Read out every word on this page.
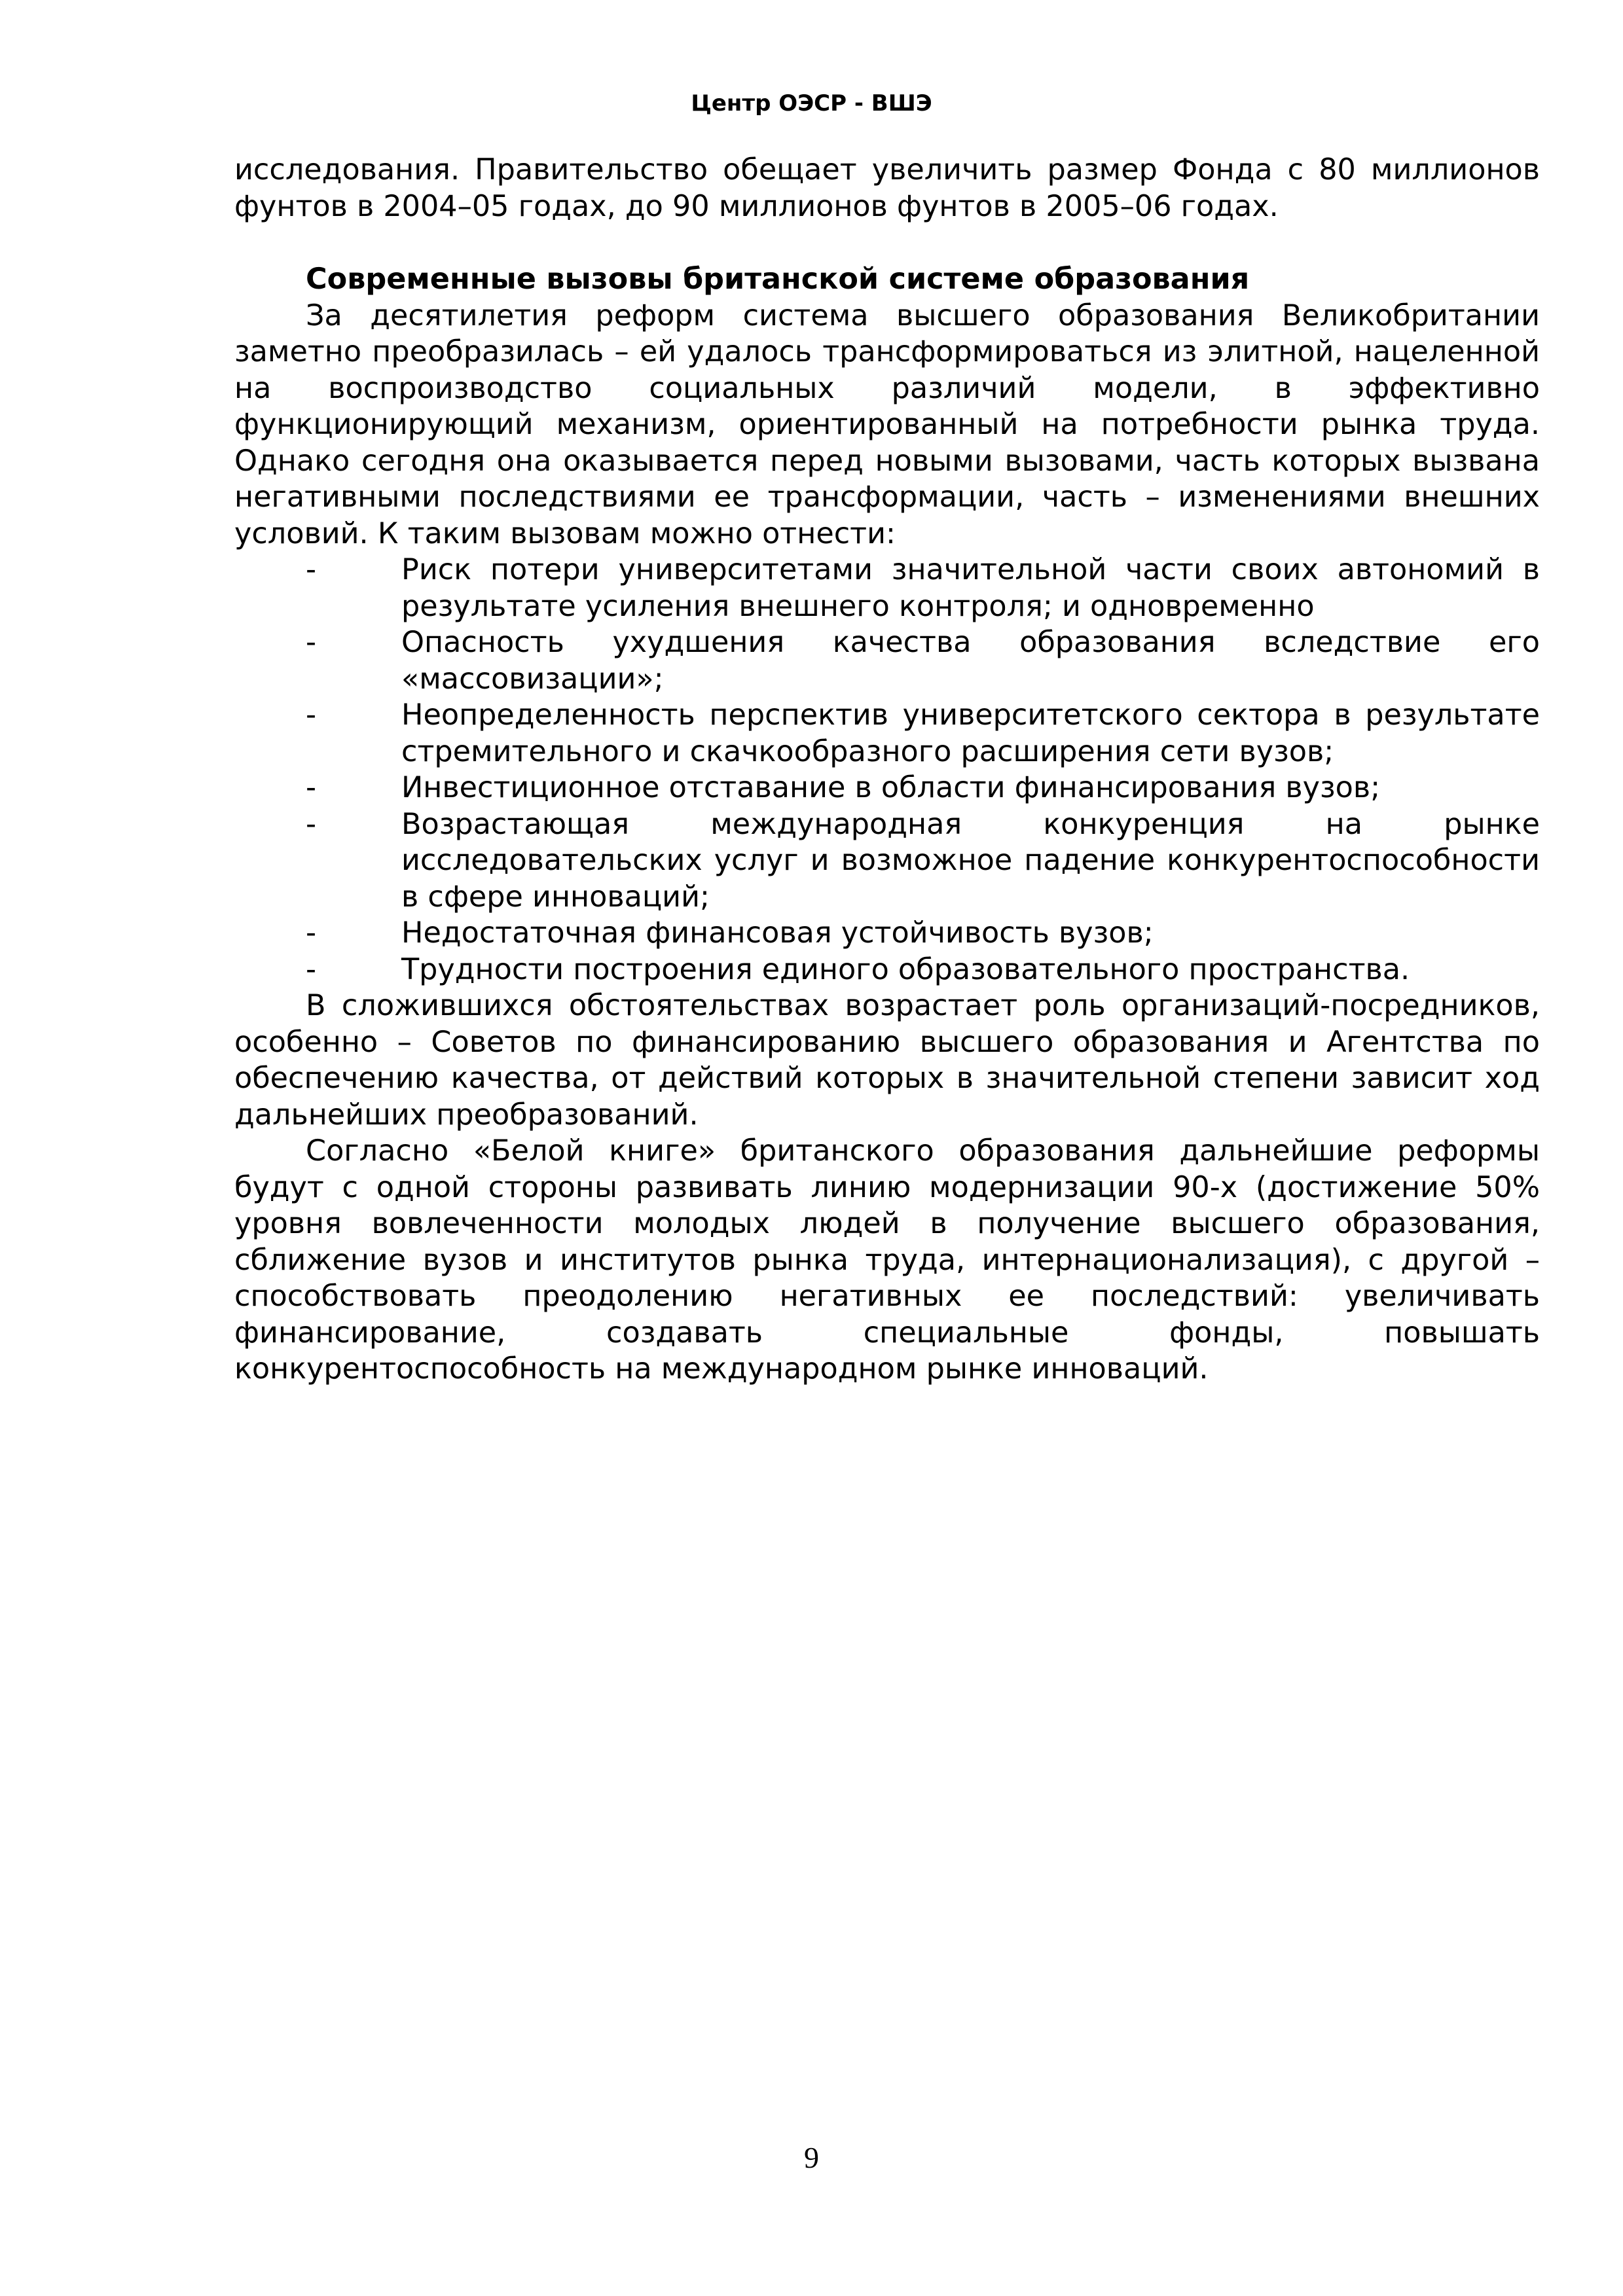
Центр ОЭСР - ВШЭ

исследования. Правительство обещает увеличить размер Фонда с 80 миллионов фунтов в 2004–05 годах, до 90 миллионов фунтов в 2005–06 годах.

Современные вызовы британской системе образования

За десятилетия реформ система высшего образования Великобритании заметно преобразилась – ей удалось трансформироваться из элитной, нацеленной на воспроизводство социальных различий модели, в эффективно функционирующий механизм, ориентированный на потребности рынка труда. Однако сегодня она оказывается перед новыми вызовами, часть которых вызвана негативными последствиями ее трансформации, часть – изменениями внешних условий. К таким вызовам можно отнести:

-	Риск потери университетами значительной части своих автономий в результате усиления внешнего контроля; и одновременно
-	Опасность ухудшения качества образования вследствие его «массовизации»;
-	Неопределенность перспектив университетского сектора в результате стремительного и скачкообразного расширения сети вузов;
-	Инвестиционное отставание в области финансирования вузов;
-	Возрастающая международная конкуренция на рынке исследовательских услуг и возможное падение конкурентоспособности в сфере инноваций;
-	Недостаточная финансовая устойчивость вузов;
-	Трудности построения единого образовательного пространства.

В сложившихся обстоятельствах возрастает роль организаций-посредников, особенно – Советов по финансированию высшего образования и Агентства по обеспечению качества, от действий которых в значительной степени зависит ход дальнейших преобразований.

Согласно «Белой книге» британского образования дальнейшие реформы будут с одной стороны развивать линию модернизации 90-х (достижение 50% уровня вовлеченности молодых людей в получение высшего образования, сближение вузов и институтов рынка труда, интернационализация), с другой – способствовать преодолению негативных ее последствий: увеличивать финансирование, создавать специальные фонды, повышать конкурентоспособность на международном рынке инноваций.

9
